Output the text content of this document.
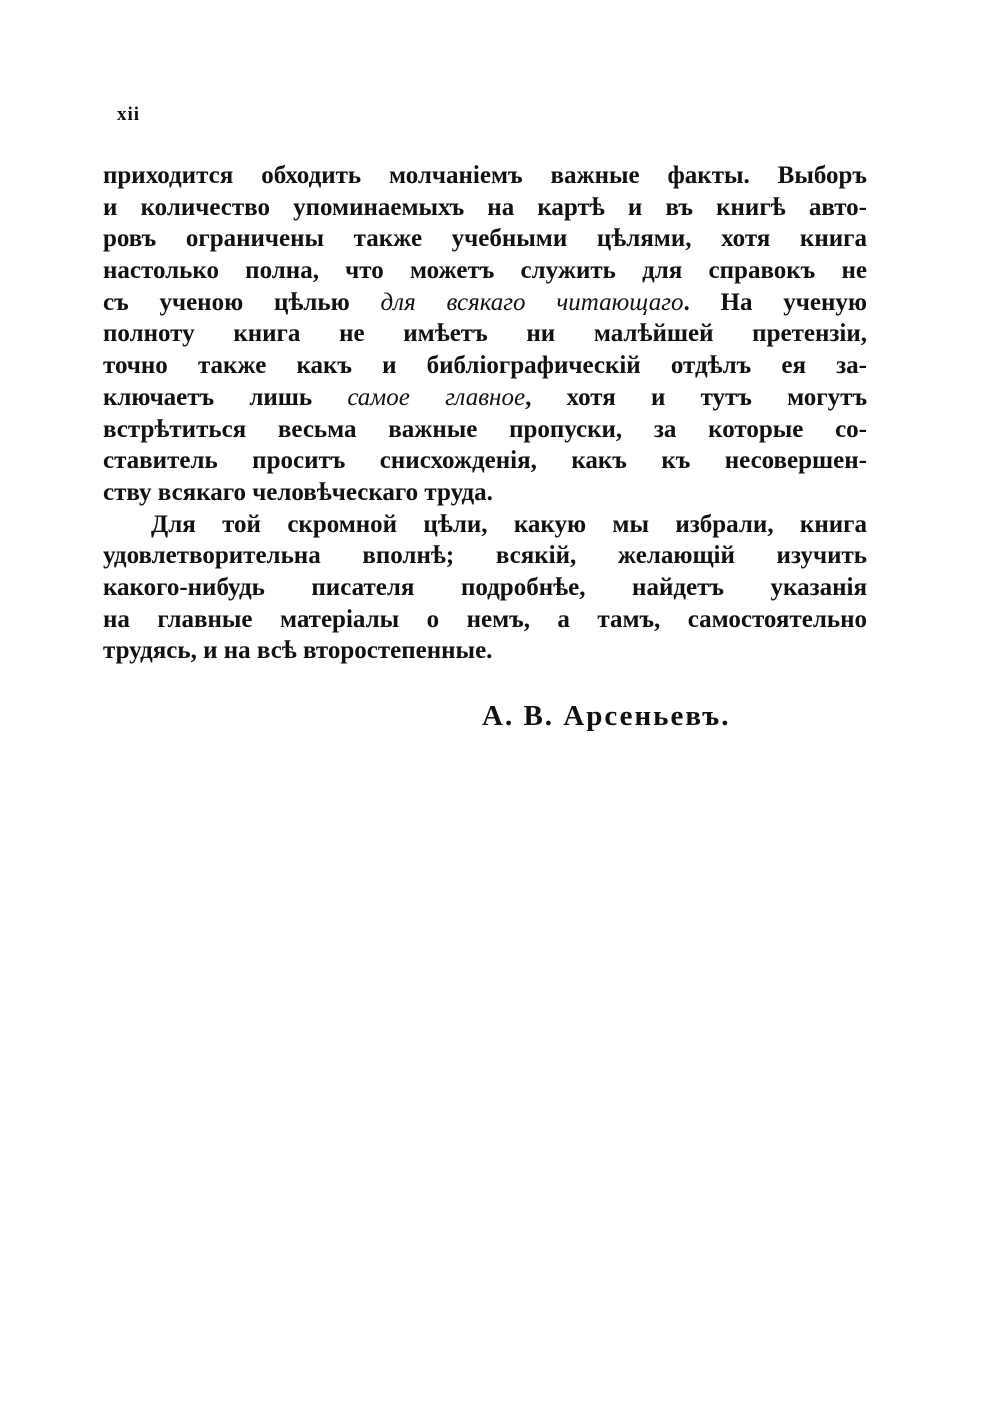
xii
приходится обходить молчаніемъ важные факты. Выборъ
и количество упоминаемыхъ на картѣ и въ книгѣ авто-
ровъ ограничены также учебными цѣлями, хотя книга
настолько полна, что можетъ служить для справокъ не
съ ученою цѣлью для всякаго читающаго. На ученую
полноту книга не имѣетъ ни малѣйшей претензіи,
точно также какъ и библіографическій отдѣлъ ея за-
ключаетъ лишь самое главное, хотя и тутъ могутъ
встрѣтиться весьма важные пропуски, за которые со-
ставитель проситъ снисхожденія, какъ къ несовершен-
ству всякаго человѣческаго труда.
Для той скромной цѣли, какую мы избрали, книга
удовлетворительна вполнѣ; всякій, желающій изучить
какого-нибудь писателя подробнѣе, найдетъ указанія
на главные матеріалы о немъ, а тамъ, самостоятельно
трудясь, и на всѣ второстепенные.
А. В. Арсеньевъ.
